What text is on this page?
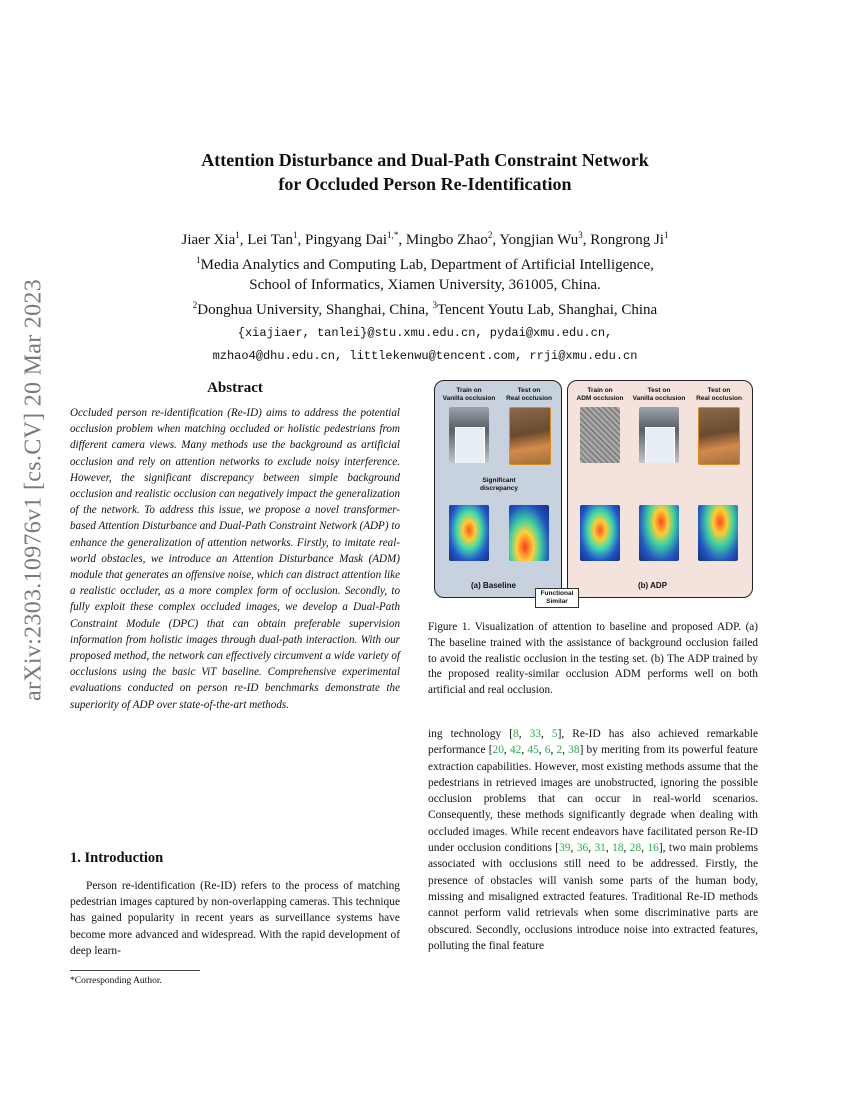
arXiv:2303.10976v1 [cs.CV] 20 Mar 2023
Attention Disturbance and Dual-Path Constraint Network
for Occluded Person Re-Identification
Jiaer Xia$^1$, Lei Tan$^1$, Pingyang Dai$^{1,*}$, Mingbo Zhao$^2$, Yongjian Wu$^3$, Rongrong Ji$^1$
$^1$Media Analytics and Computing Lab, Department of Artificial Intelligence,
School of Informatics, Xiamen University, 361005, China.
$^2$Donghua University, Shanghai, China, $^3$Tencent Youtu Lab, Shanghai, China
{xiajiaer, tanlei}@stu.xmu.edu.cn, pydai@xmu.edu.cn,
mzhao4@dhu.edu.cn, littlekenwu@tencent.com, rrji@xmu.edu.cn
Abstract
Occluded person re-identification (Re-ID) aims to address the potential occlusion problem when matching occluded or holistic pedestrians from different camera views. Many methods use the background as artificial occlusion and rely on attention networks to exclude noisy interference. However, the significant discrepancy between simple background occlusion and realistic occlusion can negatively impact the generalization of the network. To address this issue, we propose a novel transformer-based Attention Disturbance and Dual-Path Constraint Network (ADP) to enhance the generalization of attention networks. Firstly, to imitate real-world obstacles, we introduce an Attention Disturbance Mask (ADM) module that generates an offensive noise, which can distract attention like a realistic occluder, as a more complex form of occlusion. Secondly, to fully exploit these complex occluded images, we develop a Dual-Path Constraint Module (DPC) that can obtain preferable supervision information from holistic images through dual-path interaction. With our proposed method, the network can effectively circumvent a wide variety of occlusions using the basic ViT baseline. Comprehensive experimental evaluations conducted on person re-ID benchmarks demonstrate the superiority of ADP over state-of-the-art methods.
1. Introduction
Person re-identification (Re-ID) refers to the process of matching pedestrian images captured by non-overlapping cameras. This technique has gained popularity in recent years as surveillance systems have become more advanced and widespread. With the rapid development of deep learn-
*Corresponding Author.
Train on
Vanilla occlusion
Test on
Real occlusion
Significant
discrepancy
(a) Baseline
Train on
ADM occlusion
Test on
Vanilla occlusion
Test on
Real occlusion
(b) ADP
Functional
Similar
Figure 1. Visualization of attention to baseline and proposed ADP. (a) The baseline trained with the assistance of background occlusion failed to avoid the realistic occlusion in the testing set. (b) The ADP trained by the proposed reality-similar occlusion ADM performs well on both artificial and real occlusion.
ing technology [8, 33, 5], Re-ID has also achieved remarkable performance [20, 42, 45, 6, 2, 38] by meriting from its powerful feature extraction capabilities. However, most existing methods assume that the pedestrians in retrieved images are unobstructed, ignoring the possible occlusion problems that can occur in real-world scenarios. Consequently, these methods significantly degrade when dealing with occluded images. While recent endeavors have facilitated person Re-ID under occlusion conditions [39, 36, 31, 18, 28, 16], two main problems associated with occlusions still need to be addressed. Firstly, the presence of obstacles will vanish some parts of the human body, missing and misaligned extracted features. Traditional Re-ID methods cannot perform valid retrievals when some discriminative parts are obscured. Secondly, occlusions introduce noise into extracted features, polluting the final feature
